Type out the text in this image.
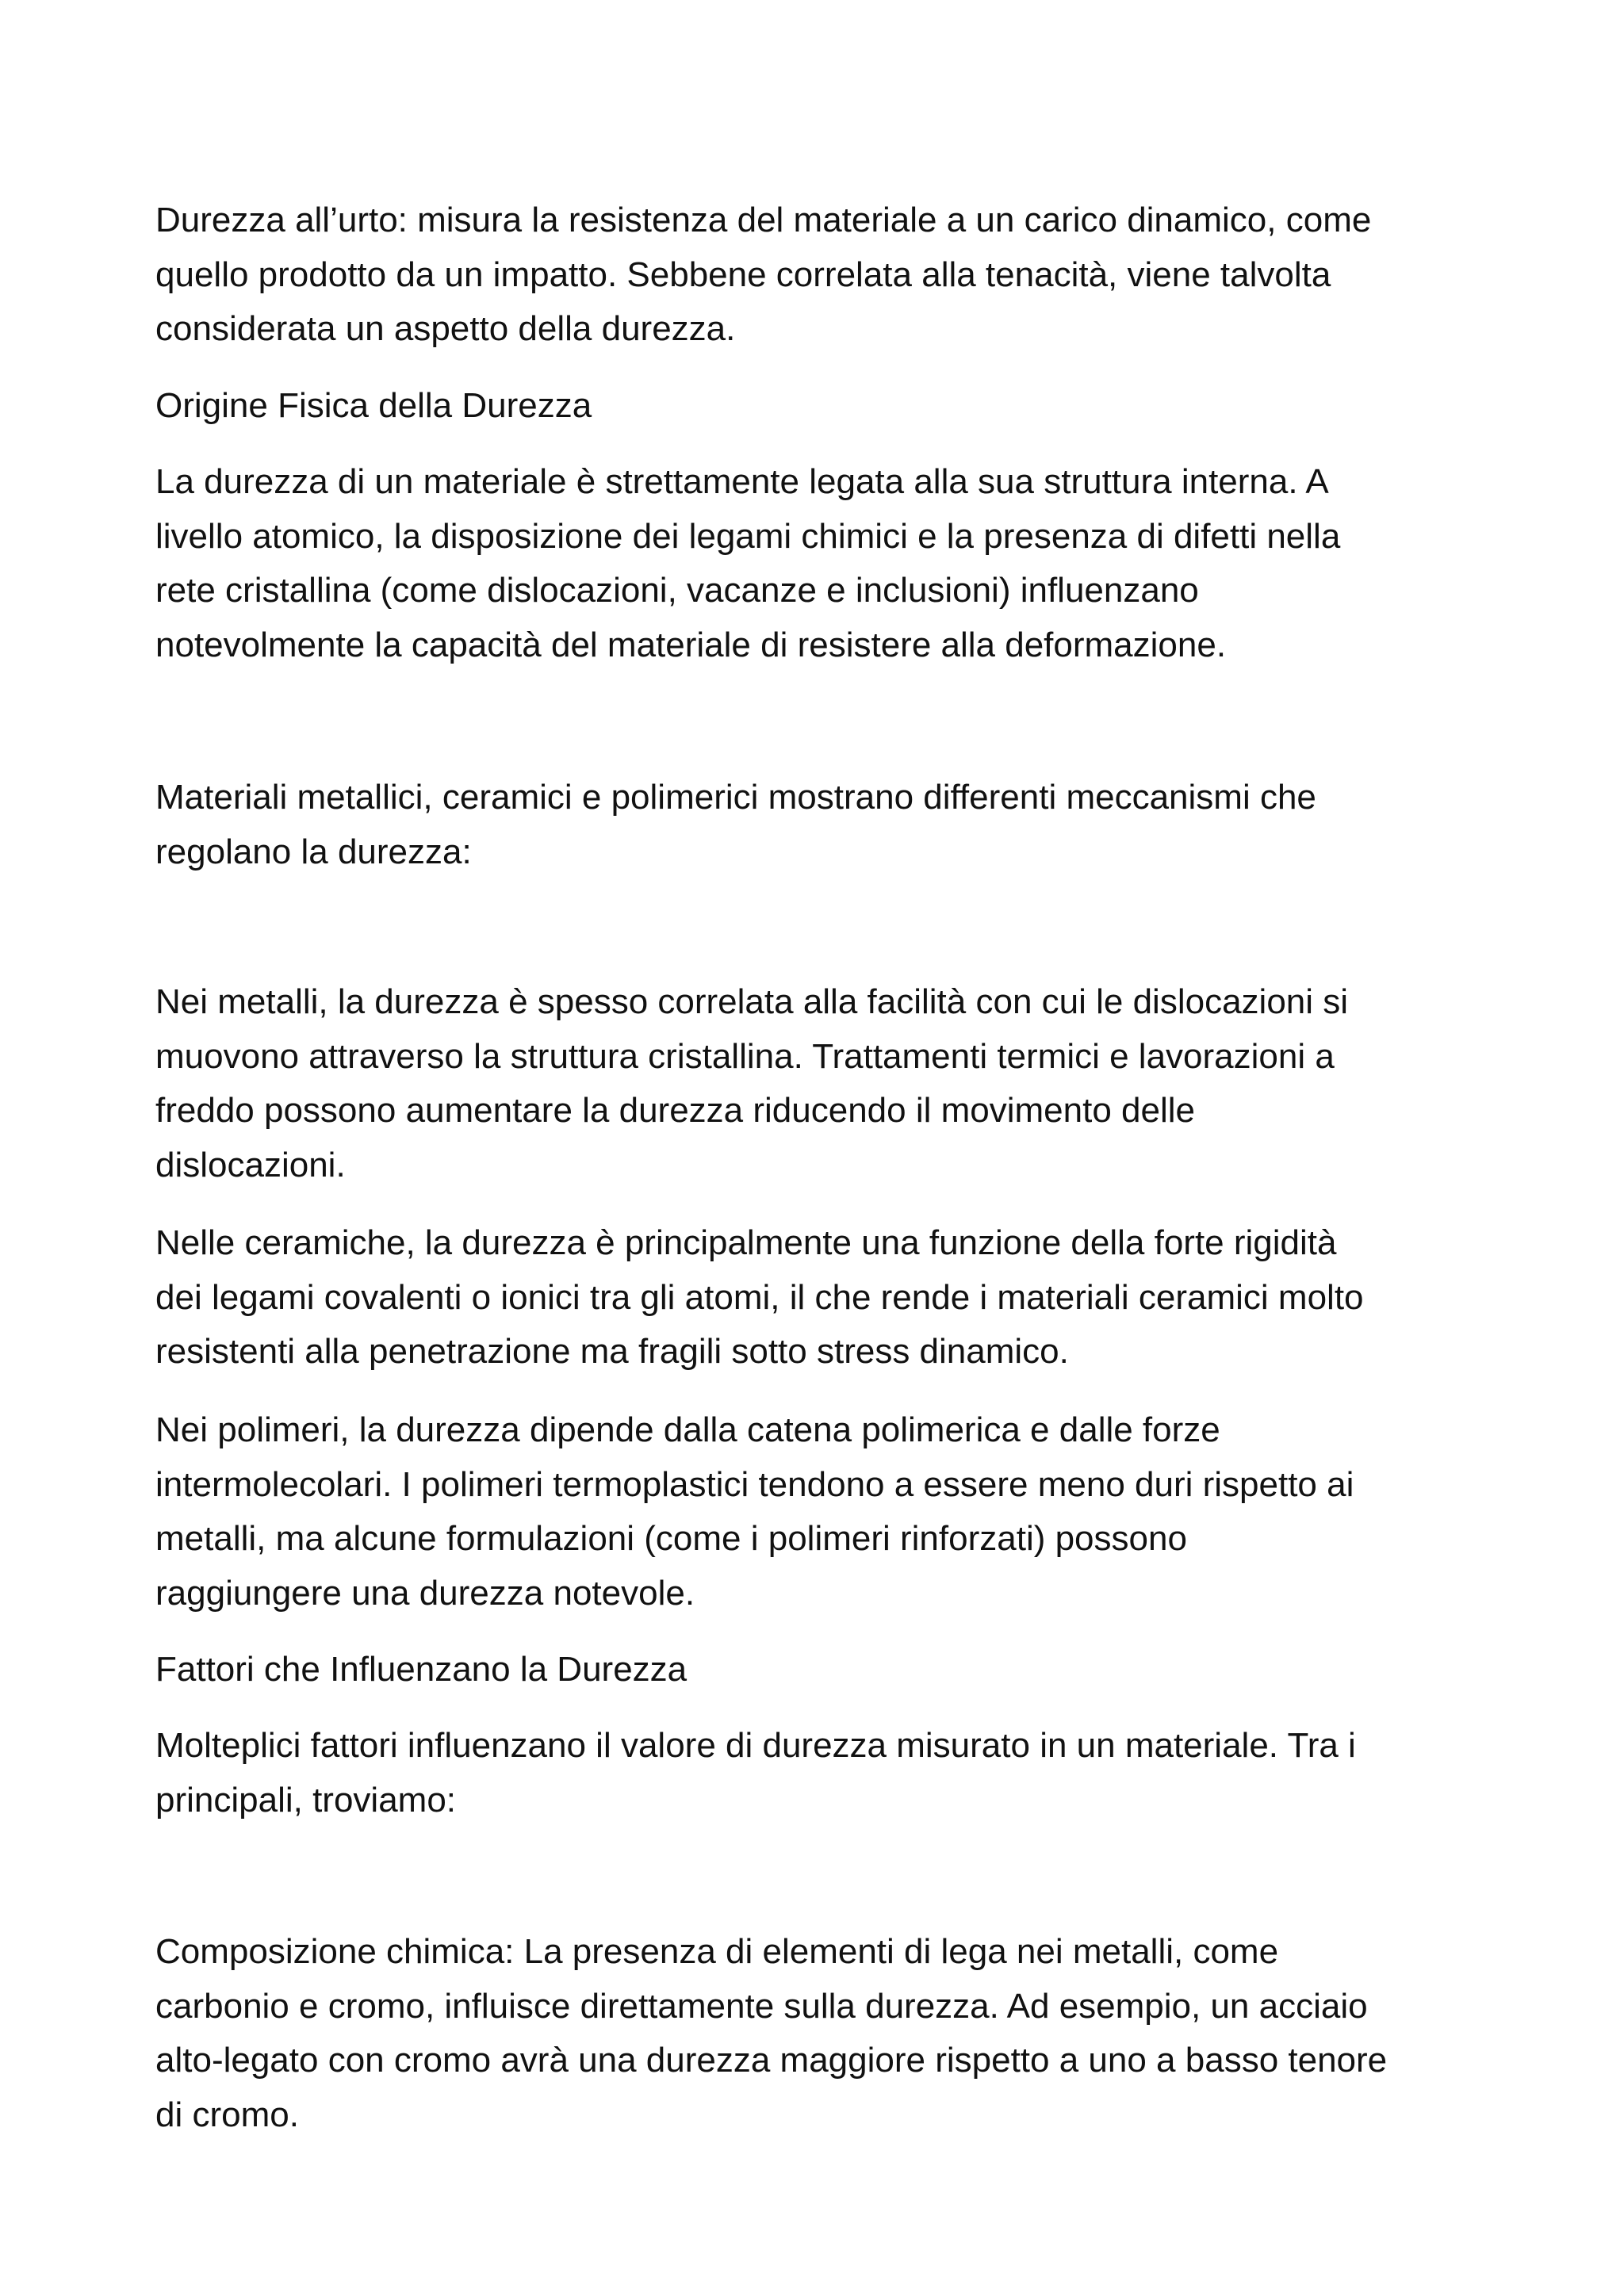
Durezza all’urto: misura la resistenza del materiale a un carico dinamico, come
quello prodotto da un impatto. Sebbene correlata alla tenacità, viene talvolta
considerata un aspetto della durezza.

Origine Fisica della Durezza

La durezza di un materiale è strettamente legata alla sua struttura interna. A
livello atomico, la disposizione dei legami chimici e la presenza di difetti nella
rete cristallina (come dislocazioni, vacanze e inclusioni) influenzano
notevolmente la capacità del materiale di resistere alla deformazione.

Materiali metallici, ceramici e polimerici mostrano differenti meccanismi che
regolano la durezza:

Nei metalli, la durezza è spesso correlata alla facilità con cui le dislocazioni si
muovono attraverso la struttura cristallina. Trattamenti termici e lavorazioni a
freddo possono aumentare la durezza riducendo il movimento delle
dislocazioni.

Nelle ceramiche, la durezza è principalmente una funzione della forte rigidità
dei legami covalenti o ionici tra gli atomi, il che rende i materiali ceramici molto
resistenti alla penetrazione ma fragili sotto stress dinamico.

Nei polimeri, la durezza dipende dalla catena polimerica e dalle forze
intermolecolari. I polimeri termoplastici tendono a essere meno duri rispetto ai
metalli, ma alcune formulazioni (come i polimeri rinforzati) possono
raggiungere una durezza notevole.

Fattori che Influenzano la Durezza

Molteplici fattori influenzano il valore di durezza misurato in un materiale. Tra i
principali, troviamo:

Composizione chimica: La presenza di elementi di lega nei metalli, come
carbonio e cromo, influisce direttamente sulla durezza. Ad esempio, un acciaio
alto-legato con cromo avrà una durezza maggiore rispetto a uno a basso tenore
di cromo.
